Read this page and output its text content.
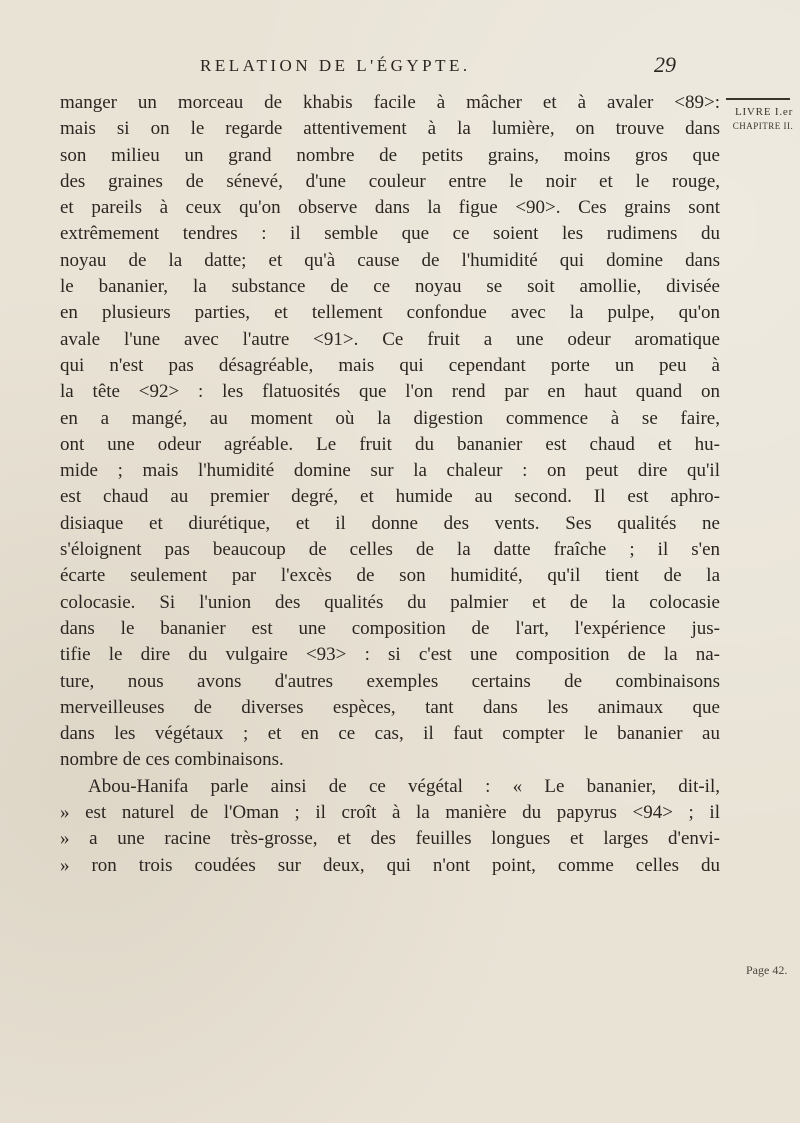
RELATION DE L'ÉGYPTE.	29
LIVRE I.er
CHAPITRE II.
Page 42.
manger un morceau de khabis facile à mâcher et à avaler <89>:
mais si on le regarde attentivement à la lumière, on trouve dans
son milieu un grand nombre de petits grains, moins gros que
des graines de sénevé, d'une couleur entre le noir et le rouge,
et pareils à ceux qu'on observe dans la figue <90>. Ces grains sont
extrêmement tendres : il semble que ce soient les rudimens du
noyau de la datte; et qu'à cause de l'humidité qui domine dans
le bananier, la substance de ce noyau se soit amollie, divisée
en plusieurs parties, et tellement confondue avec la pulpe, qu'on
avale l'une avec l'autre <91>. Ce fruit a une odeur aromatique
qui n'est pas désagréable, mais qui cependant porte un peu à
la tête <92> : les flatuosités que l'on rend par en haut quand on
en a mangé, au moment où la digestion commence à se faire,
ont une odeur agréable. Le fruit du bananier est chaud et hu-
mide ; mais l'humidité domine sur la chaleur : on peut dire qu'il
est chaud au premier degré, et humide au second. Il est aphro-
disiaque et diurétique, et il donne des vents. Ses qualités ne
s'éloignent pas beaucoup de celles de la datte fraîche ; il s'en
écarte seulement par l'excès de son humidité, qu'il tient de la
colocasie. Si l'union des qualités du palmier et de la colocasie
dans le bananier est une composition de l'art, l'expérience jus-
tifie le dire du vulgaire <93> : si c'est une composition de la na-
ture, nous avons d'autres exemples certains de combinaisons
merveilleuses de diverses espèces, tant dans les animaux que
dans les végétaux ; et en ce cas, il faut compter le bananier au
nombre de ces combinaisons.
Abou-Hanifa parle ainsi de ce végétal : « Le bananier, dit-il,
» est naturel de l'Oman ; il croît à la manière du papyrus <94> ; il
» a une racine très-grosse, et des feuilles longues et larges d'envi-
» ron trois coudées sur deux, qui n'ont point, comme celles du
